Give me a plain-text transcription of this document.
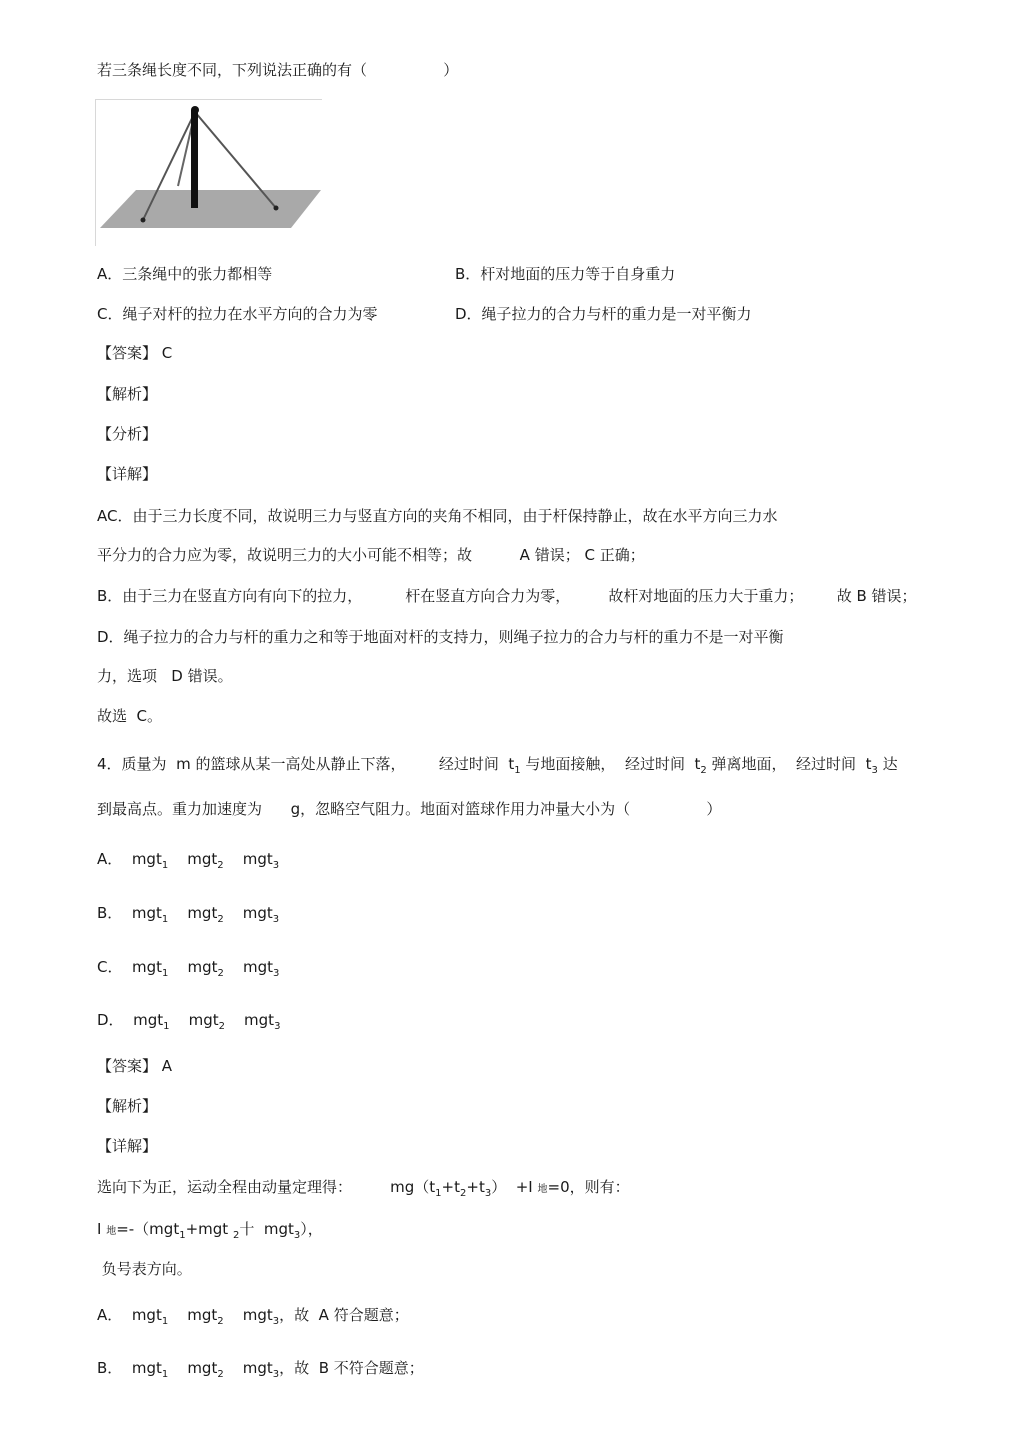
若三条绳长度不同，下列说法正确的有（                ）
A．三条绳中的张力都相等	B．杆对地面的压力等于自身重力
C．绳子对杆的拉力在水平方向的合力为零	D．绳子拉力的合力与杆的重力是一对平衡力
【答案】 C
【解析】
【分析】
【详解】
AC．由于三力长度不同，故说明三力与竖直方向的夹角不相同，由于杆保持静止，故在水平方向三力水
平分力的合力应为零，故说明三力的大小可能不相等；故          A 错误； C 正确；
B．由于三力在竖直方向有向下的拉力，         杆在竖直方向合力为零，        故杆对地面的压力大于重力；       故 B 错误；
D．绳子拉力的合力与杆的重力之和等于地面对杆的支持力，则绳子拉力的合力与杆的重力不是一对平衡
力，选项   D 错误。
故选  C。
4．质量为  m 的篮球从某一高处从静止下落，       经过时间  $t_1$ 与地面接触，  经过时间  $t_2$ 弹离地面，  经过时间  $t_3$ 达
到最高点。重力加速度为      g，忽略空气阻力。地面对篮球作用力冲量大小为（                ）
A． mgt$_1$ mgt$_2$ mgt$_3$
B． mgt$_1$ mgt$_2$ mgt$_3$
C． mgt$_1$ mgt$_2$ mgt$_3$
D． mgt$_1$ mgt$_2$ mgt$_3$
【答案】 A
【解析】
【详解】
选向下为正，运动全程由动量定理得：        $mg(t_1+t_2+t_3) +I$ 地=0，则有：
I 地=-（mgt$_1$+mgt $_2$十  mgt$_3$），
负号表方向。
A． mgt$_1$ mgt$_2$ mgt$_3$，故  A 符合题意；
B． mgt$_1$ mgt$_2$ mgt$_3$，故  B 不符合题意；
